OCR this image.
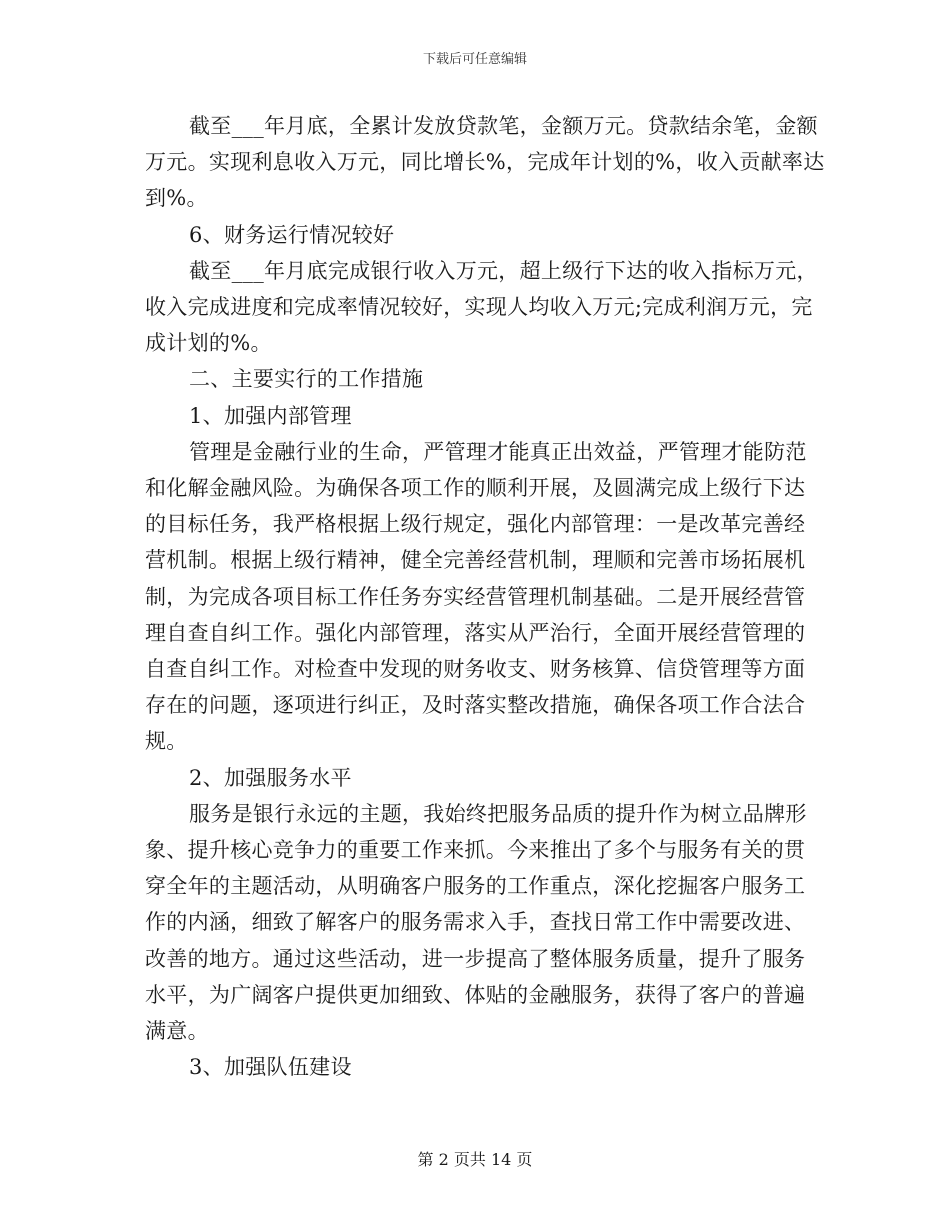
下载后可任意编辑

截至___年月底，全累计发放贷款笔，金额万元。贷款结余笔，金额万元。实现利息收入万元，同比增长%，完成年计划的%，收入贡献率达到%。

6、财务运行情况较好

截至___年月底完成银行收入万元，超上级行下达的收入指标万元，收入完成进度和完成率情况较好，实现人均收入万元;完成利润万元，完成计划的%。

二、主要实行的工作措施

1、加强内部管理

管理是金融行业的生命，严管理才能真正出效益，严管理才能防范和化解金融风险。为确保各项工作的顺利开展，及圆满完成上级行下达的目标任务，我严格根据上级行规定，强化内部管理：一是改革完善经营机制。根据上级行精神，健全完善经营机制，理顺和完善市场拓展机制，为完成各项目标工作任务夯实经营管理机制基础。二是开展经营管理自查自纠工作。强化内部管理，落实从严治行，全面开展经营管理的自查自纠工作。对检查中发现的财务收支、财务核算、信贷管理等方面存在的问题，逐项进行纠正，及时落实整改措施，确保各项工作合法合规。

2、加强服务水平

服务是银行永远的主题，我始终把服务品质的提升作为树立品牌形象、提升核心竞争力的重要工作来抓。今来推出了多个与服务有关的贯穿全年的主题活动，从明确客户服务的工作重点，深化挖掘客户服务工作的内涵，细致了解客户的服务需求入手，查找日常工作中需要改进、改善的地方。通过这些活动，进一步提高了整体服务质量，提升了服务水平，为广阔客户提供更加细致、体贴的金融服务，获得了客户的普遍满意。

3、加强队伍建设

第 2 页共 14 页
